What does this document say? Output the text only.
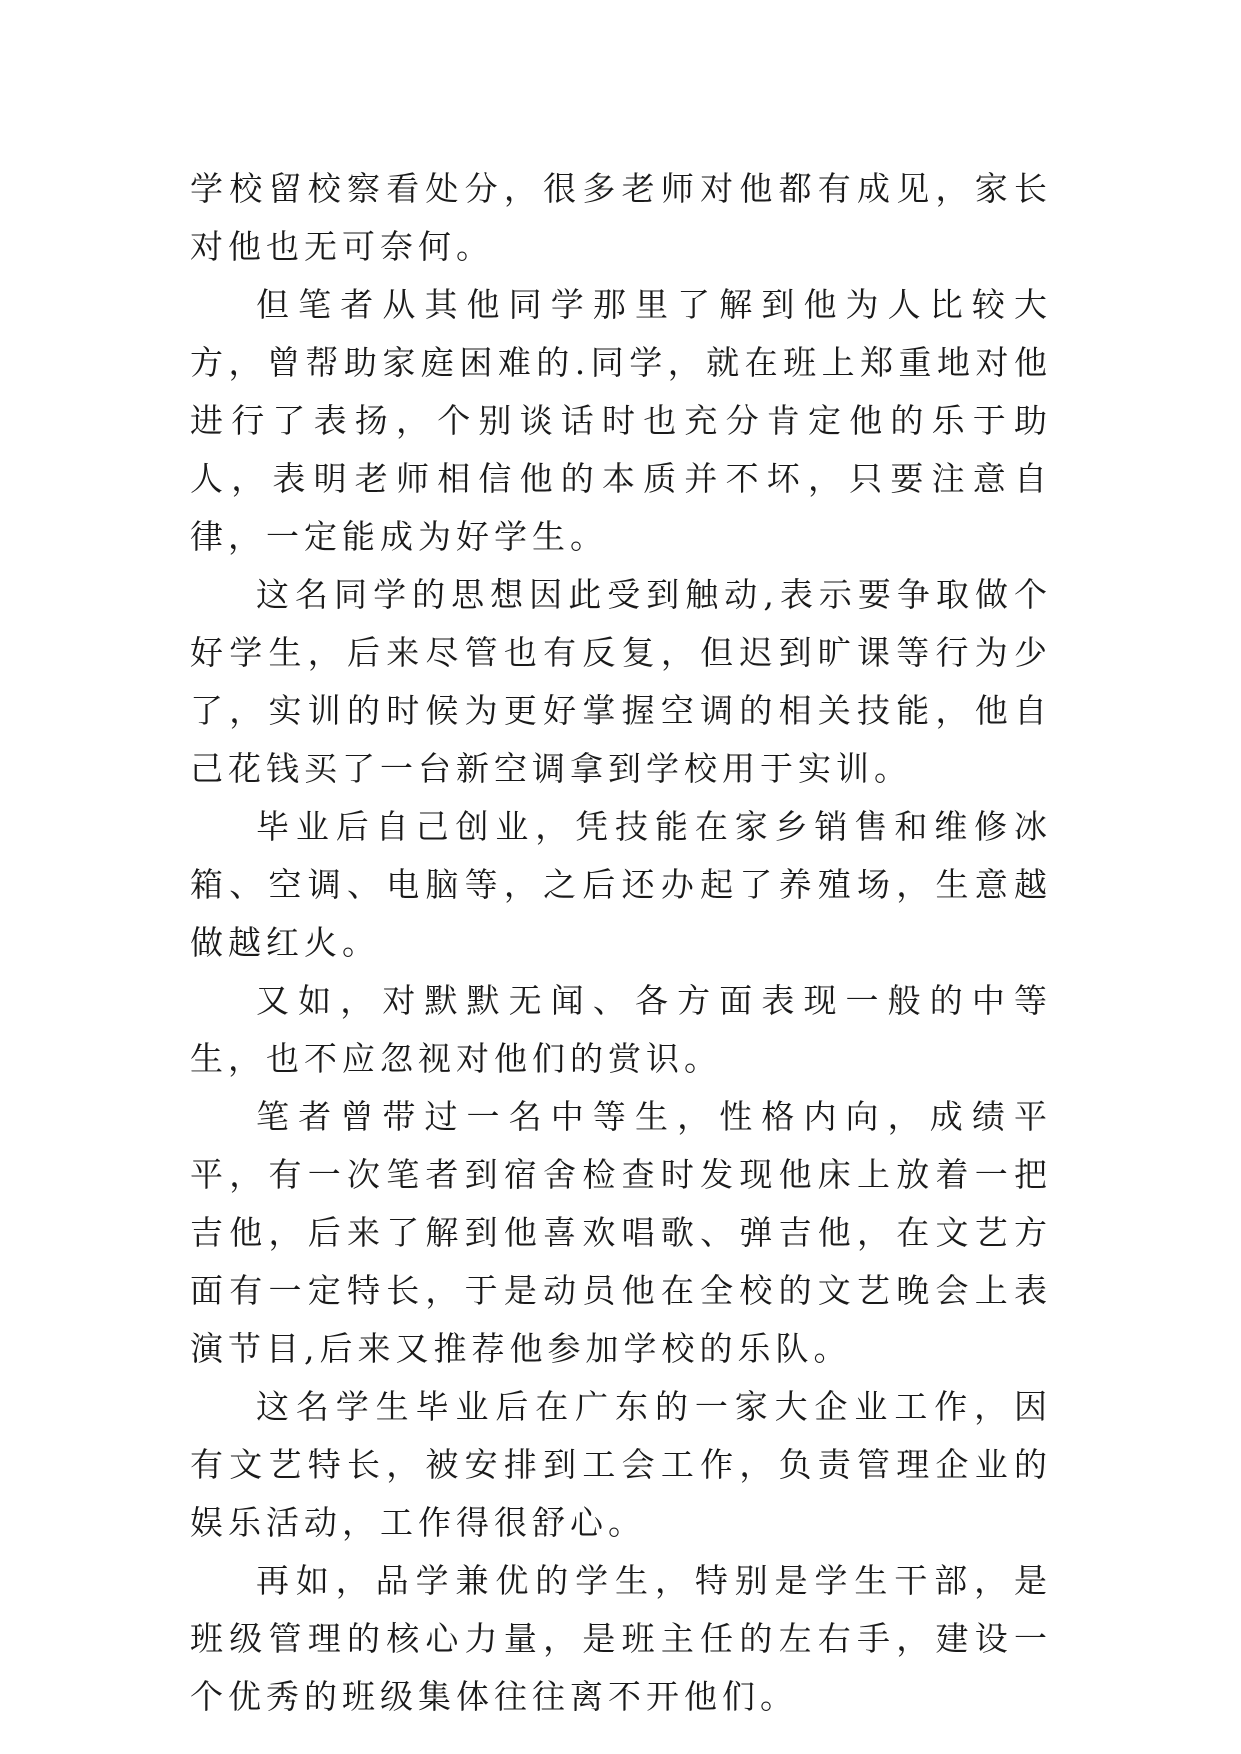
学校留校察看处分，很多老师对他都有成见，家长对他也无可奈何。

但笔者从其他同学那里了解到他为人比较大方，曾帮助家庭困难的.同学，就在班上郑重地对他进行了表扬，个别谈话时也充分肯定他的乐于助人，表明老师相信他的本质并不坏，只要注意自律，一定能成为好学生。

这名同学的思想因此受到触动,表示要争取做个好学生，后来尽管也有反复，但迟到旷课等行为少了，实训的时候为更好掌握空调的相关技能，他自己花钱买了一台新空调拿到学校用于实训。

毕业后自己创业，凭技能在家乡销售和维修冰箱、空调、电脑等，之后还办起了养殖场，生意越做越红火。

又如，对默默无闻、各方面表现一般的中等生，也不应忽视对他们的赏识。

笔者曾带过一名中等生，性格内向，成绩平平，有一次笔者到宿舍检查时发现他床上放着一把吉他，后来了解到他喜欢唱歌、弹吉他，在文艺方面有一定特长，于是动员他在全校的文艺晚会上表演节目,后来又推荐他参加学校的乐队。

这名学生毕业后在广东的一家大企业工作，因有文艺特长，被安排到工会工作，负责管理企业的娱乐活动，工作得很舒心。

再如，品学兼优的学生，特别是学生干部，是班级管理的核心力量，是班主任的左右手，建设一个优秀的班级集体往往离不开他们。
